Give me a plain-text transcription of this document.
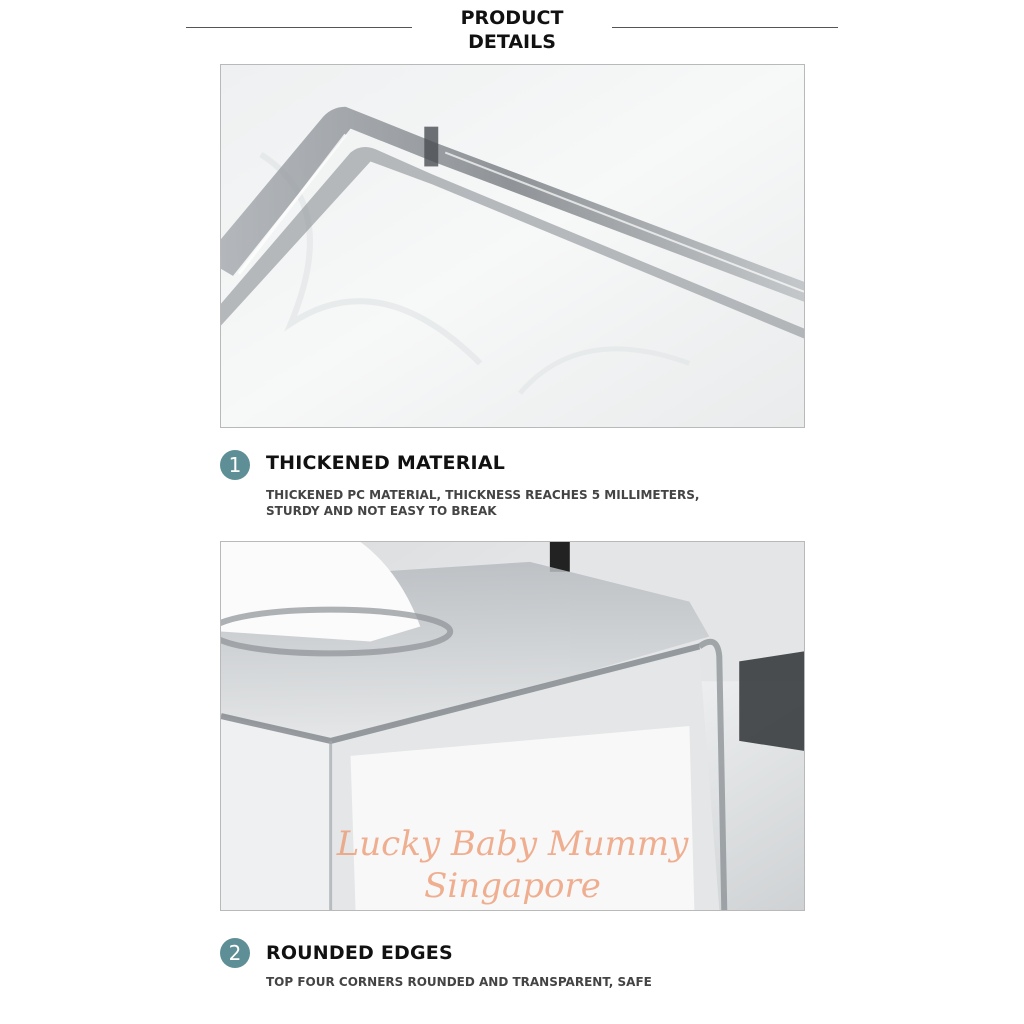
PRODUCT
DETAILS
1	THICKENED MATERIAL
THICKENED PC MATERIAL, THICKNESS REACHES 5 MILLIMETERS,
STURDY AND NOT EASY TO BREAK
Lucky Baby Mummy
Singapore
2	ROUNDED EDGES
TOP FOUR CORNERS ROUNDED AND TRANSPARENT, SAFE
